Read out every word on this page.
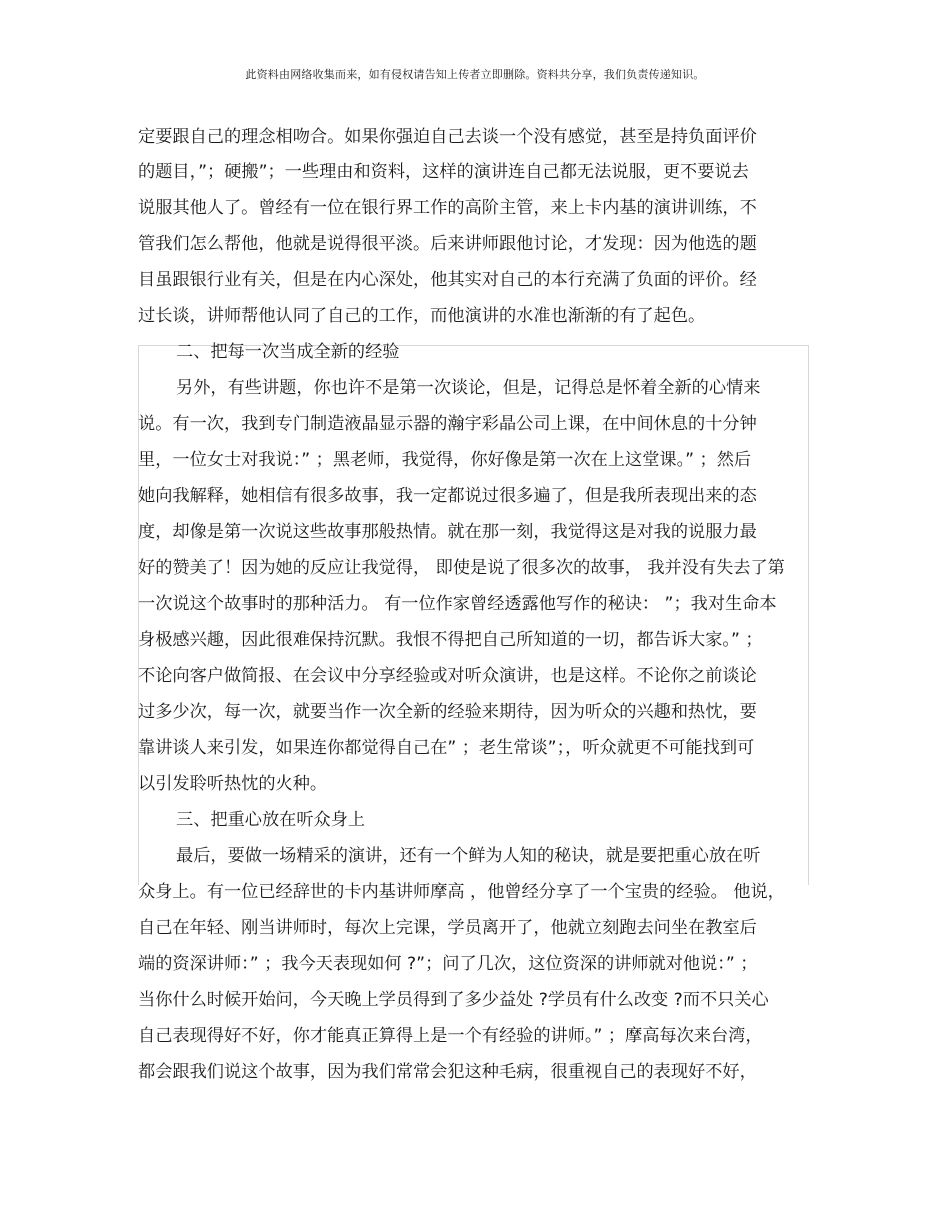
此资料由网络收集而来，如有侵权请告知上传者立即删除。资料共分享，我们负责传递知识。
定要跟自己的理念相吻合。如果你强迫自己去谈一个没有感觉，甚至是持负面评价
的题目，”；硬搬”；一些理由和资料，这样的演讲连自己都无法说服，更不要说去
说服其他人了。曾经有一位在银行界工作的高阶主管，来上卡内基的演讲训练，不
管我们怎么帮他，他就是说得很平淡。后来讲师跟他讨论，才发现：因为他选的题
目虽跟银行业有关，但是在内心深处，他其实对自己的本行充满了负面的评价。经
过长谈，讲师帮他认同了自己的工作，而他演讲的水准也渐渐的有了起色。
二、把每一次当成全新的经验
另外，有些讲题，你也许不是第一次谈论，但是，记得总是怀着全新的心情来
说。有一次，我到专门制造液晶显示器的瀚宇彩晶公司上课，在中间休息的十分钟
里，一位女士对我说：” ；黑老师，我觉得，你好像是第一次在上这堂课。” ；然后
她向我解释，她相信有很多故事，我一定都说过很多遍了，但是我所表现出来的态
度，却像是第一次说这些故事那般热情。就在那一刻，我觉得这是对我的说服力最
好的赞美了！因为她的反应让我觉得， 即使是说了很多次的故事， 我并没有失去了第
一次说这个故事时的那种活力。 有一位作家曾经透露他写作的秘诀： ”；我对生命本
身极感兴趣，因此很难保持沉默。我恨不得把自己所知道的一切，都告诉大家。” ；
不论向客户做简报、在会议中分享经验或对听众演讲，也是这样。不论你之前谈论
过多少次，每一次，就要当作一次全新的经验来期待，因为听众的兴趣和热忱，要
靠讲谈人来引发，如果连你都觉得自己在” ；老生常谈”；，听众就更不可能找到可
以引发聆听热忱的火种。
三、把重心放在听众身上
最后，要做一场精采的演讲，还有一个鲜为人知的秘诀，就是要把重心放在听
众身上。有一位已经辞世的卡内基讲师摩高 ，他曾经分享了一个宝贵的经验。 他说，
自己在年轻、刚当讲师时，每次上完课，学员离开了，他就立刻跑去问坐在教室后
端的资深讲师：” ；我今天表现如何 ?”；问了几次，这位资深的讲师就对他说：” ；
当你什么时候开始问，今天晚上学员得到了多少益处 ?学员有什么改变 ?而不只关心
自己表现得好不好，你才能真正算得上是一个有经验的讲师。” ；摩高每次来台湾，
都会跟我们说这个故事，因为我们常常会犯这种毛病，很重视自己的表现好不好，
